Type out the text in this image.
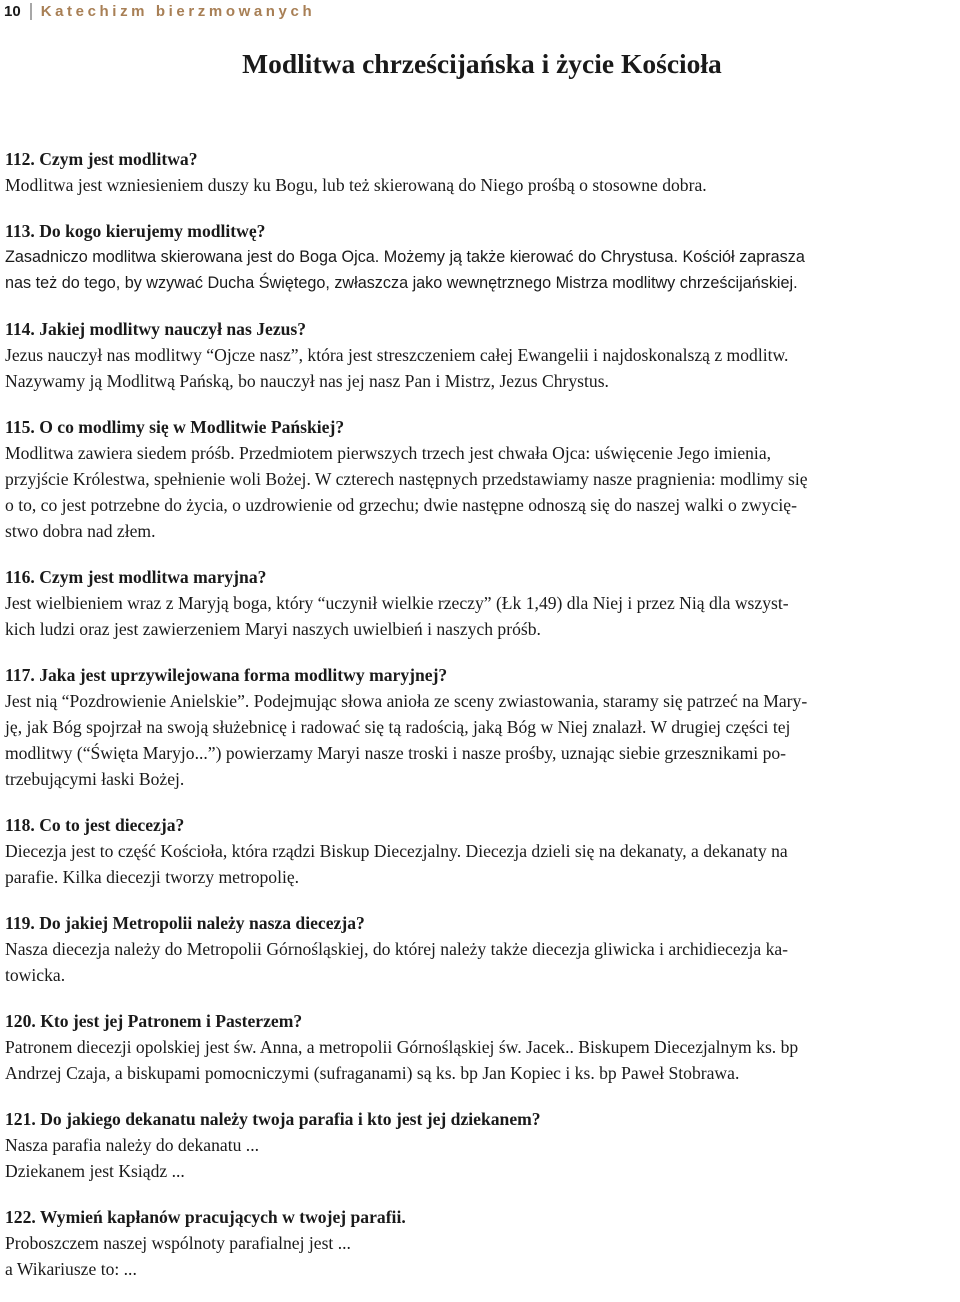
10 Katechizm bierzmowanych
Modlitwa chrześcijańska i życie Kościoła

112. Czym jest modlitwa?

Modlitwa jest wzniesieniem duszy ku Bogu, lub też skierowaną do Niego prośbą o stosowne dobra.

113. Do kogo kierujemy modlitwę?

Zasadniczo modlitwa skierowana jest do Boga Ojca. Możemy ją także kierować do Chrystusa. Kościół zaprasza

nas też do tego, by wzywać Ducha Świętego, zwłaszcza jako wewnętrznego Mistrza modlitwy chrześcijańskiej.

114. Jakiej modlitwy nauczył nas Jezus?

Jezus nauczył nas modlitwy “Ojcze nasz”, która jest streszczeniem całej Ewangelii i najdoskonalszą z modlitw.

Nazywamy ją Modlitwą Pańską, bo nauczył nas jej nasz Pan i Mistrz, Jezus Chrystus.

115. O co modlimy się w Modlitwie Pańskiej?

Modlitwa zawiera siedem próśb. Przedmiotem pierwszych trzech jest chwała Ojca: uświęcenie Jego imienia,

przyjście Królestwa, spełnienie woli Bożej. W czterech następnych przedstawiamy nasze pragnienia: modlimy się

o to, co jest potrzebne do życia, o uzdrowienie od grzechu; dwie następne odnoszą się do naszej walki o zwycię-

stwo dobra nad złem.

116. Czym jest modlitwa maryjna?

Jest wielbieniem wraz z Maryją boga, który “uczynił wielkie rzeczy” (Łk 1,49) dla Niej i przez Nią dla wszyst-

kich ludzi oraz jest zawierzeniem Maryi naszych uwielbień i naszych próśb.

117. Jaka jest uprzywilejowana forma modlitwy maryjnej?

Jest nią “Pozdrowienie Anielskie”. Podejmując słowa anioła ze sceny zwiastowania, staramy się patrzeć na Mary-

ję, jak Bóg spojrzał na swoją służebnicę i radować się tą radością, jaką Bóg w Niej znalazł. W drugiej części tej

modlitwy (“Święta Maryjo...”) powierzamy Maryi nasze troski i nasze prośby, uznając siebie grzesznikami po-

trzebującymi łaski Bożej.

118. Co to jest diecezja?

Diecezja jest to część Kościoła, która rządzi Biskup Diecezjalny. Diecezja dzieli się na dekanaty, a dekanaty na

parafie. Kilka diecezji tworzy metropolię.

119. Do jakiej Metropolii należy nasza diecezja?

Nasza diecezja należy do Metropolii Górnośląskiej, do której należy także diecezja gliwicka i archidiecezja ka-

towicka.

120. Kto jest jej Patronem i Pasterzem?

Patronem diecezji opolskiej jest św. Anna, a metropolii Górnośląskiej św. Jacek.. Biskupem Diecezjalnym ks. bp

Andrzej Czaja, a biskupami pomocniczymi (sufraganami) są ks. bp Jan Kopiec i ks. bp Paweł Stobrawa.

121. Do jakiego dekanatu należy twoja parafia i kto jest jej dziekanem?

Nasza parafia należy do dekanatu ...

Dziekanem jest Ksiądz ...

122. Wymień kapłanów pracujących w twojej parafii.

Proboszczem naszej wspólnoty parafialnej jest ...

a Wikariusze to: ...
